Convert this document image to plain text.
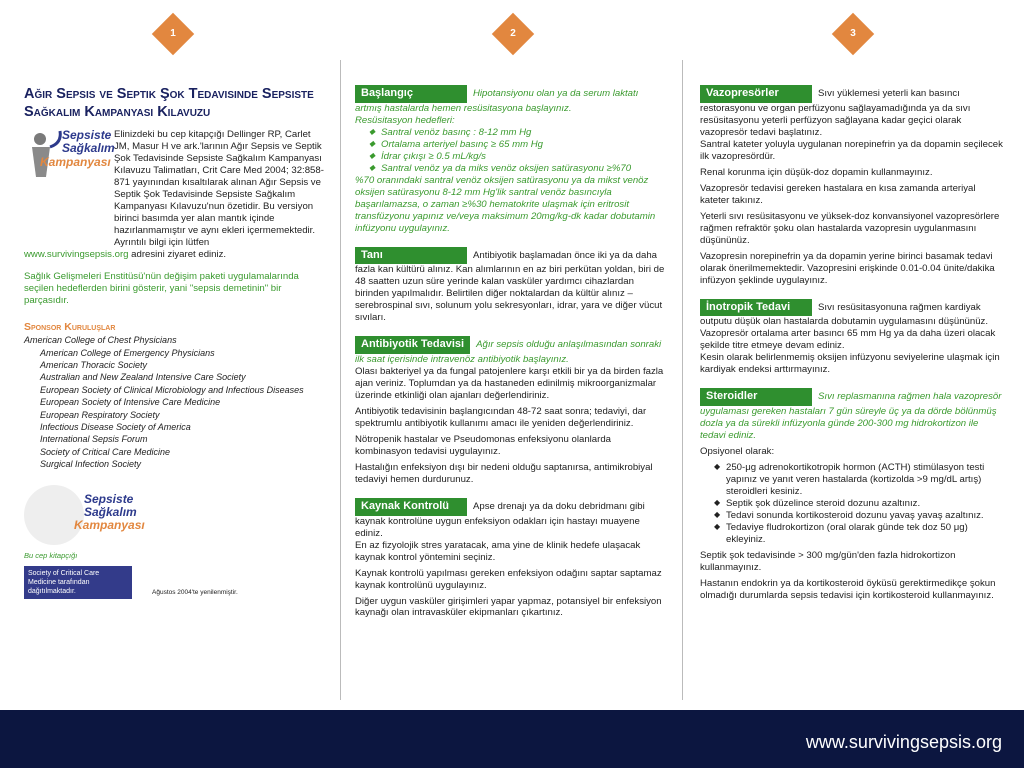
1	2	3
Ağır Sepsis ve Septik Şok Tedavisinde Sepsiste Sağkalım Kampanyası Kılavuzu
Sepsiste
Sağkalım
Kampanyası

Elinizdeki bu cep kitapçığı Dellinger RP, Carlet JM, Masur H ve ark.'larının Ağır Sepsis ve Septik Şok Tedavisinde Sepsiste Sağkalım Kampanyası Kılavuzu Talimatları, Crit Care Med 2004; 32:858-871 yayınından kısaltılarak alınan Ağır Sepsis ve Septik Şok Tedavisinde Sepsiste Sağkalım Kampanyası Kılavuzu'nun özetidir. Bu versiyon birinci basımda yer alan mantık içinde hazırlanmamıştır ve aynı ekleri içermemektedir. Ayrıntılı bilgi için lütfen

www.survivingsepsis.org adresini ziyaret ediniz.

Sağlık Gelişmeleri Enstitüsü'nün değişim paketi uygulamalarında seçilen hedeflerden birini gösterir, yani "sepsis demetinin" bir parçasıdır.

Sponsor Kuruluşlar
American College of Chest Physicians
American College of Emergency Physicians
American Thoracic Society
Australian and New Zealand Intensive Care Society
European Society of Clinical Microbiology and Infectious Diseases
European Society of Intensive Care Medicine
European Respiratory Society
Infectious Disease Society of America
International Sepsis Forum
Society of Critical Care Medicine
Surgical Infection Society
Sepsiste
Sağkalım
Kampanyası
Bu cep kitapçığı
Society of Critical Care Medicine tarafından dağıtılmaktadır.	Ağustos 2004'te yenilenmiştir.
Başlangıç	Hipotansiyonu olan ya da serum laktatı artmış hastalarda hemen resüsitasyona başlayınız.
Resüsitasyon hedefleri:
◆ Santral venöz basınç : 8-12 mm Hg
◆ Ortalama arteriyel basınç ≥ 65 mm Hg
◆ İdrar çıkışı ≥ 0.5 mL/kg/s
◆ Santral venöz ya da miks venöz oksijen satürasyonu ≥%70

%70 oranındaki santral venöz oksijen satürasyonu ya da mikst venöz oksijen satürasyonu 8-12 mm Hg'lik santral venöz basıncıyla başarılamazsa, o zaman ≥%30 hematokrite ulaşmak için eritrosit transfüzyonu yapınız ve/veya maksimum 20mg/kg-dk kadar dobutamin infüzyonu uygulayınız.

Tanı	Antibiyotik başlamadan önce iki ya da daha fazla kan kültürü alınız. Kan alımlarının en az biri perkütan yoldan, biri de 48 saatten uzun süre yerinde kalan vasküler yardımcı cihazlardan birinden yapılmalıdır. Belirtilen diğer noktalardan da kültür alınız – serebrospinal sıvı, solunum yolu sekresyonları, idrar, yara ve diğer vücut sıvıları.
Antibiyotik Tedavisi Ağır sepsis olduğu anlaşılmasından sonraki ilk saat içerisinde intravenöz antibiyotik başlayınız.

Olası bakteriyel ya da fungal patojenlere karşı etkili bir ya da birden fazla ajan veriniz. Toplumdan ya da hastaneden edinilmiş mikroorganizmalar üzerinde etkinliği olan ajanları değerlendiriniz.

Antibiyotik tedavisinin başlangıcından 48-72 saat sonra; tedaviyi, dar spektrumlu antibiyotik kullanımı amacı ile yeniden değerlendiriniz.

Nötropenik hastalar ve Pseudomonas enfeksiyonu olanlarda kombinasyon tedavisi uygulayınız.

Hastalığın enfeksiyon dışı bir nedeni olduğu saptanırsa, antimikrobiyal tedaviyi hemen durdurunuz.

Kaynak Kontrolü Apse drenajı ya da doku debridmanı gibi kaynak kontrolüne uygun enfeksiyon odakları için hastayı muayene ediniz.

En az fizyolojik stres yaratacak, ama yine de klinik hedefe ulaşacak kaynak kontrol yöntemini seçiniz.

Kaynak kontrolü yapılması gereken enfeksiyon odağını saptar saptamaz kaynak kontrolünü uygulayınız.

Diğer uygun vasküler girişimleri yapar yapmaz, potansiyel bir enfeksiyon kaynağı olan intravasküler ekipmanları çıkartınız.

Vazopresörler	Sıvı yüklemesi yeterli kan basıncı restorasyonu ve organ perfüzyonu sağlayamadığında ya da sıvı resüsitasyonu yeterli perfüzyon sağlayana kadar geçici olarak vazopresör tedavi başlatınız.

Santral kateter yoluyla uygulanan norepinefrin ya da dopamin seçilecek ilk vazopresördür.

Renal korunma için düşük-doz dopamin kullanmayınız.

Vazopresör tedavisi gereken hastalara en kısa zamanda arteriyal kateter takınız.

Yeterli sıvı resüsitasyonu ve yüksek-doz konvansiyonel vazopresörlere rağmen refraktör şoku olan hastalarda vazopresin uygulanmasını düşününüz.

Vazopresin norepinefrin ya da dopamin yerine birinci basamak tedavi olarak önerilmemektedir. Vazopresini erişkinde 0.01-0.04 ünite/dakika infüzyon şeklinde uygulayınız.

İnotropik Tedavi	Sıvı resüsitasyonuna rağmen kardiyak outputu düşük olan hastalarda dobutamin uygulamasını düşününüz. Vazopresör ortalama arter basıncı 65 mm Hg ya da daha üzeri olacak şekilde titre etmeye devam ediniz.

Kesin olarak belirlenmemiş oksijen infüzyonu seviyelerine ulaşmak için kardiyak endeksi arttırmayınız.

Steroidler	Sıvı replasmanına rağmen hala vazopresör uygulaması gereken hastaları 7 gün süreyle üç ya da dörde bölünmüş dozla ya da sürekli infüzyonla günde 200-300 mg hidrokortizon ile tedavi ediniz.

Opsiyonel olarak:

◆ 250-μg adrenokortikotropik hormon (ACTH) stimülasyon testi yapınız ve yanıt veren hastalarda (kortizolda >9 mg/dL artış) steroidleri kesiniz.
◆ Septik şok düzelince steroid dozunu azaltınız.
◆ Tedavi sonunda kortikosteroid dozunu yavaş yavaş azaltınız.
◆ Tedaviye fludrokortizon (oral olarak günde tek doz 50 μg) ekleyiniz.

Septik şok tedavisinde > 300 mg/gün'den fazla hidrokortizon kullanmayınız.

Hastanın endokrin ya da kortikosteroid öyküsü gerektirmedikçe şokun olmadığı durumlarda sepsis tedavisi için kortikosteroid kullanmayınız.

www.survivingsepsis.org
